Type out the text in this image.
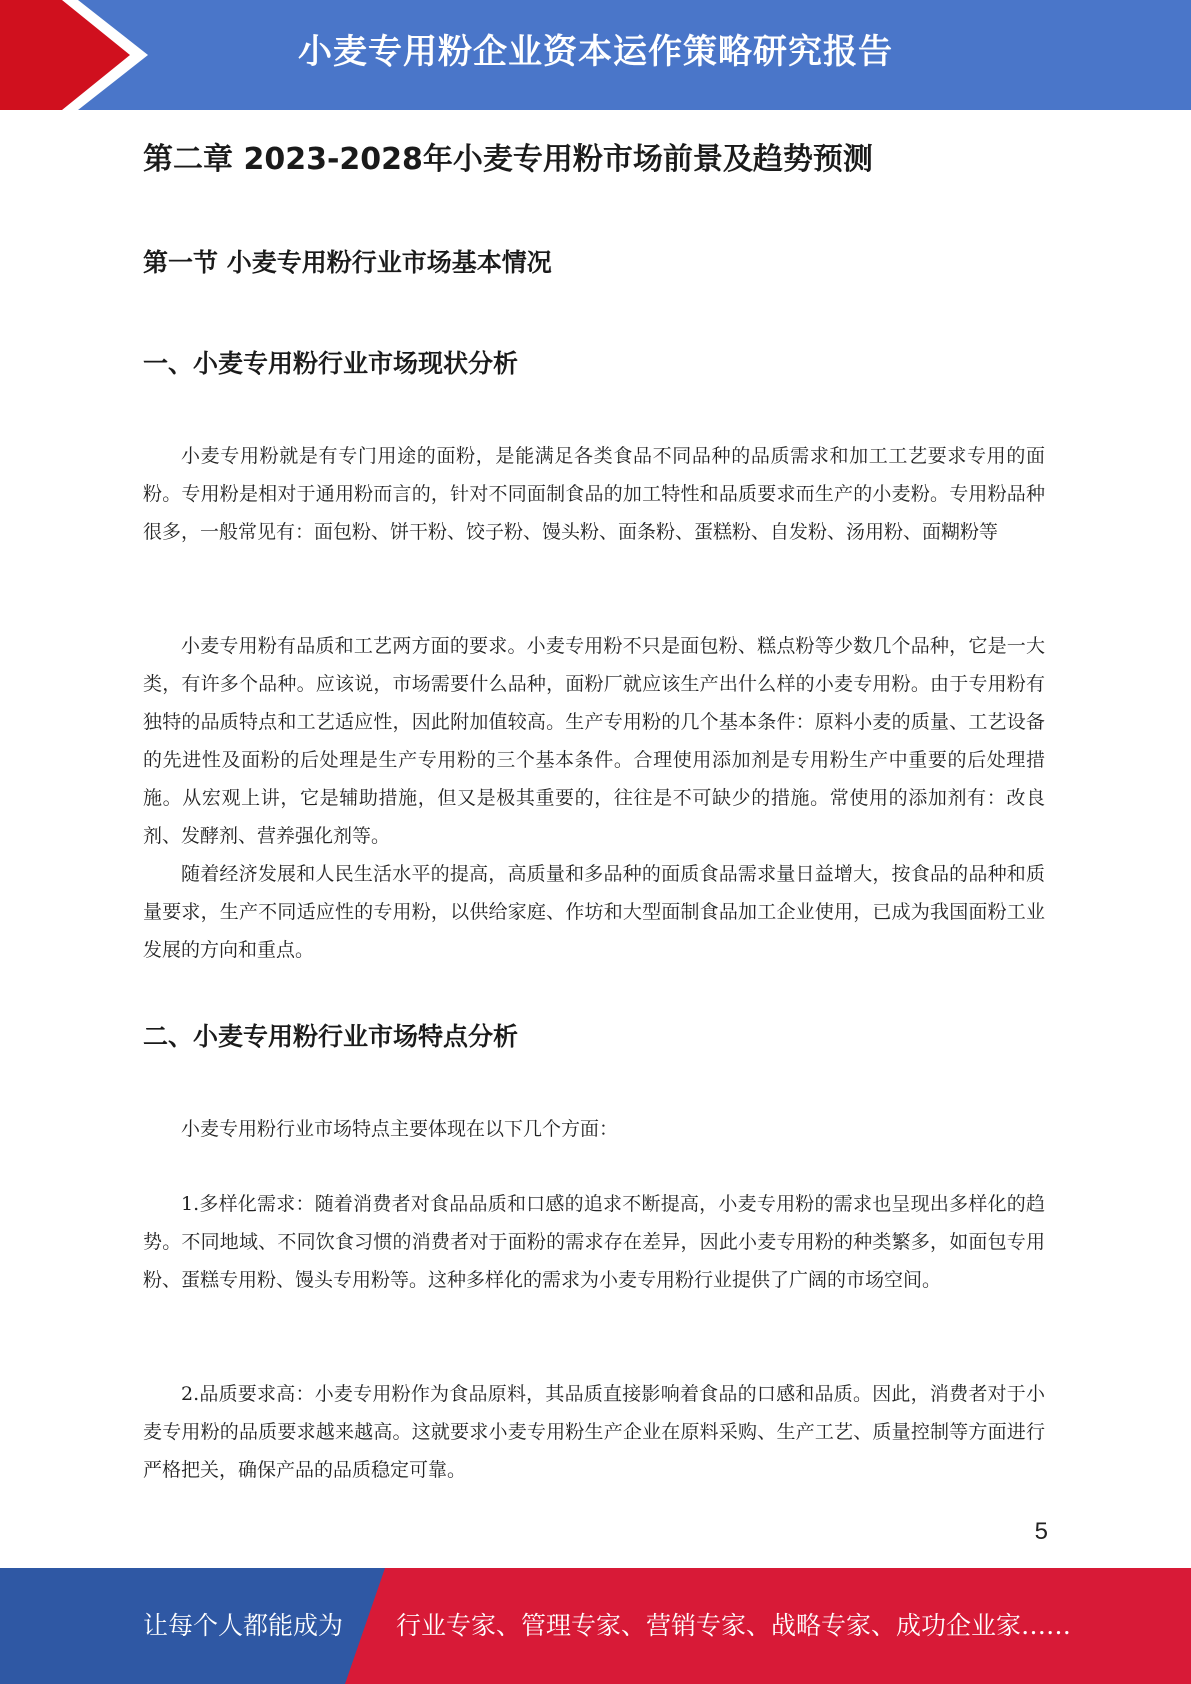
小麦专用粉企业资本运作策略研究报告
第二章 2023-2028年小麦专用粉市场前景及趋势预测
第一节 小麦专用粉行业市场基本情况
一、小麦专用粉行业市场现状分析

小麦专用粉就是有专门用途的面粉，是能满足各类食品不同品种的品质需求和加工工艺要求专用的面粉。专用粉是相对于通用粉而言的，针对不同面制食品的加工特性和品质要求而生产的小麦粉。专用粉品种很多，一般常见有：面包粉、饼干粉、饺子粉、馒头粉、面条粉、蛋糕粉、自发粉、汤用粉、面糊粉等

小麦专用粉有品质和工艺两方面的要求。小麦专用粉不只是面包粉、糕点粉等少数几个品种，它是一大类，有许多个品种。应该说，市场需要什么品种，面粉厂就应该生产出什么样的小麦专用粉。由于专用粉有独特的品质特点和工艺适应性，因此附加值较高。生产专用粉的几个基本条件：原料小麦的质量、工艺设备的先进性及面粉的后处理是生产专用粉的三个基本条件。合理使用添加剂是专用粉生产中重要的后处理措施。从宏观上讲，它是辅助措施，但又是极其重要的，往往是不可缺少的措施。常使用的添加剂有：改良剂、发酵剂、营养强化剂等。

随着经济发展和人民生活水平的提高，高质量和多品种的面质食品需求量日益增大，按食品的品种和质量要求，生产不同适应性的专用粉，以供给家庭、作坊和大型面制食品加工企业使用，已成为我国面粉工业发展的方向和重点。

二、小麦专用粉行业市场特点分析

小麦专用粉行业市场特点主要体现在以下几个方面：

1.多样化需求：随着消费者对食品品质和口感的追求不断提高，小麦专用粉的需求也呈现出多样化的趋势。不同地域、不同饮食习惯的消费者对于面粉的需求存在差异，因此小麦专用粉的种类繁多，如面包专用粉、蛋糕专用粉、馒头专用粉等。这种多样化的需求为小麦专用粉行业提供了广阔的市场空间。

2.品质要求高：小麦专用粉作为食品原料，其品质直接影响着食品的口感和品质。因此，消费者对于小麦专用粉的品质要求越来越高。这就要求小麦专用粉生产企业在原料采购、生产工艺、质量控制等方面进行严格把关，确保产品的品质稳定可靠。

5
让每个人都能成为 行业专家、管理专家、营销专家、战略专家、成功企业家……
